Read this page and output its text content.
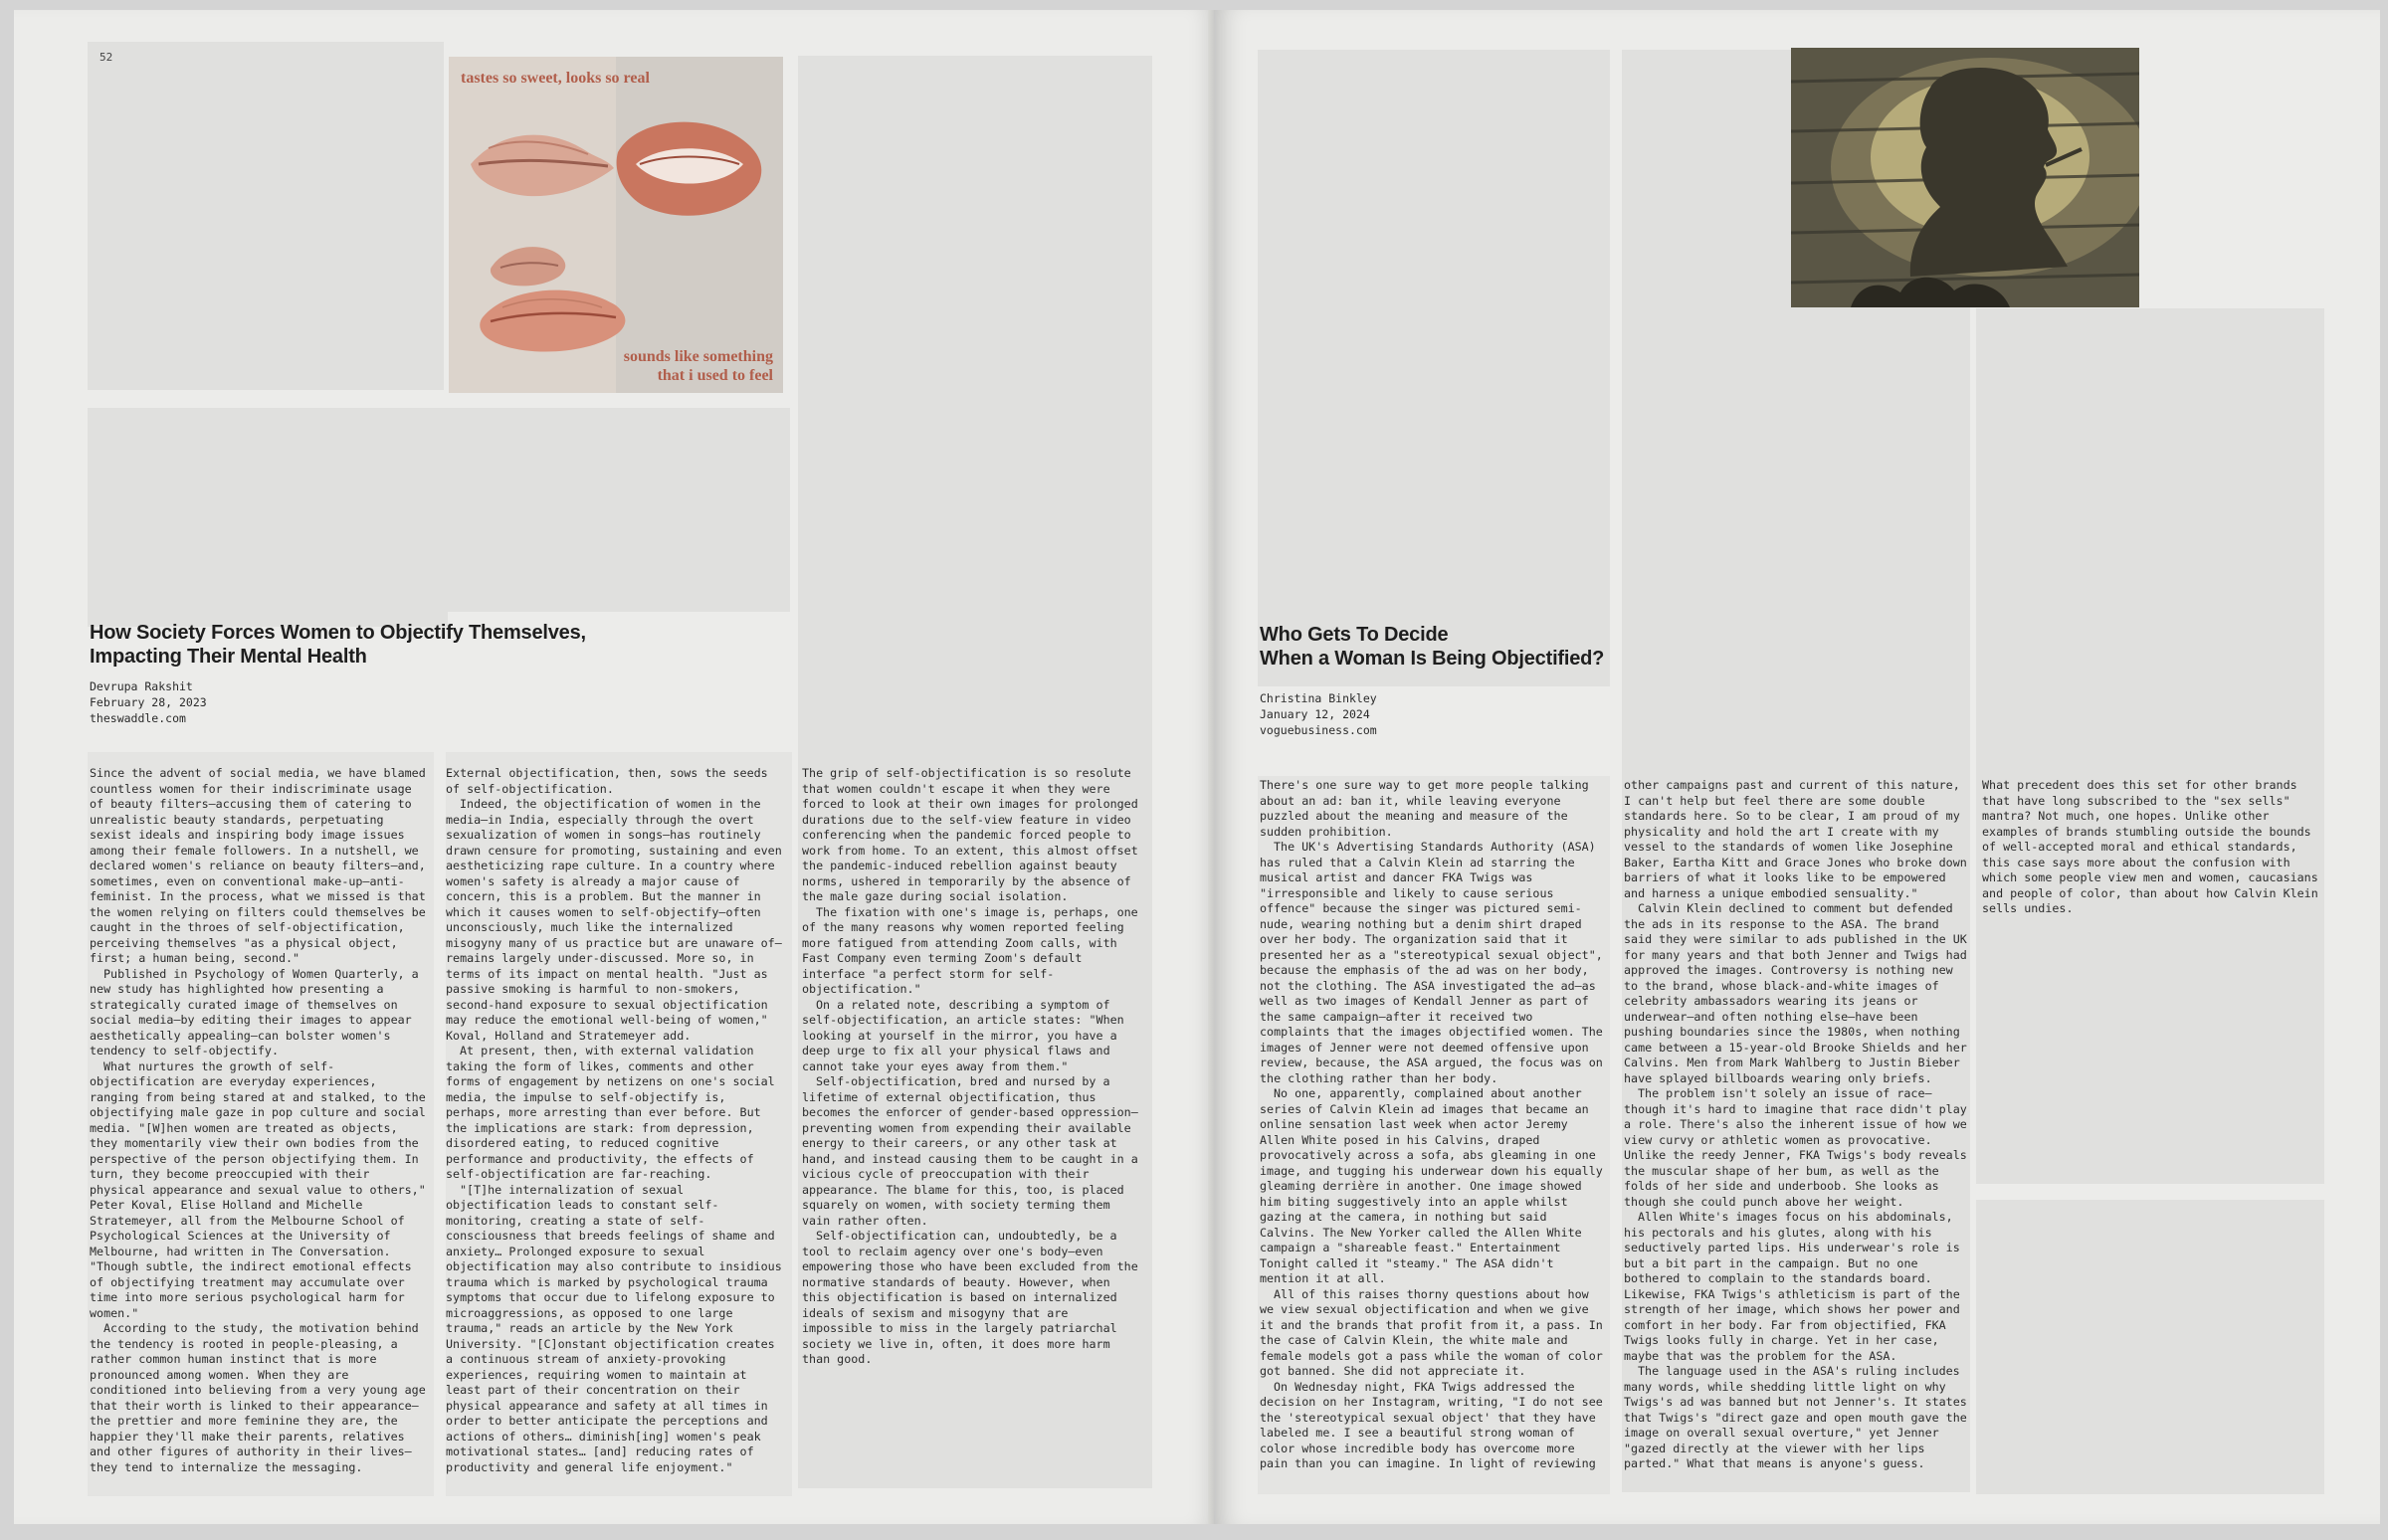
52
tastes so sweet, looks so real
sounds like something
that i used to feel
How Society Forces Women to Objectify Themselves,
Impacting Their Mental Health
Devrupa Rakshit
February 28, 2023
theswaddle.com

Since the advent of social media, we have blamed countless women for their indiscriminate usage of beauty filters—accusing them of catering to unrealistic beauty standards, perpetuating sexist ideals and inspiring body image issues among their female followers. In a nutshell, we declared women's reliance on beauty filters—and, sometimes, even on conventional make-up—anti-feminist. In the process, what we missed is that the women relying on filters could themselves be caught in the throes of self-objectification, perceiving themselves "as a physical object, first; a human being, second."

Published in Psychology of Women Quarterly, a new study has highlighted how presenting a strategically curated image of themselves on social media—by editing their images to appear aesthetically appealing—can bolster women's tendency to self-objectify.

What nurtures the growth of self-objectification are everyday experiences, ranging from being stared at and stalked, to the objectifying male gaze in pop culture and social media. "[W]hen women are treated as objects, they momentarily view their own bodies from the perspective of the person objectifying them. In turn, they become preoccupied with their physical appearance and sexual value to others," Peter Koval, Elise Holland and Michelle Stratemeyer, all from the Melbourne School of Psychological Sciences at the University of Melbourne, had written in The Conversation. "Though subtle, the indirect emotional effects of objectifying treatment may accumulate over time into more serious psychological harm for women."

According to the study, the motivation behind the tendency is rooted in people-pleasing, a rather common human instinct that is more pronounced among women. When they are conditioned into believing from a very young age that their worth is linked to their appearance—the prettier and more feminine they are, the happier they'll make their parents, relatives and other figures of authority in their lives—they tend to internalize the messaging.

External objectification, then, sows the seeds of self-objectification.

Indeed, the objectification of women in the media—in India, especially through the overt sexualization of women in songs—has routinely drawn censure for promoting, sustaining and even aestheticizing rape culture. In a country where women's safety is already a major cause of concern, this is a problem. But the manner in which it causes women to self-objectify—often unconsciously, much like the internalized misogyny many of us practice but are unaware of—remains largely under-discussed. More so, in terms of its impact on mental health. "Just as passive smoking is harmful to non-smokers, second-hand exposure to sexual objectification may reduce the emotional well-being of women," Koval, Holland and Stratemeyer add.

At present, then, with external validation taking the form of likes, comments and other forms of engagement by netizens on one's social media, the impulse to self-objectify is, perhaps, more arresting than ever before. But the implications are stark: from depression, disordered eating, to reduced cognitive performance and productivity, the effects of self-objectification are far-reaching.

"[T]he internalization of sexual objectification leads to constant self-monitoring, creating a state of self-consciousness that breeds feelings of shame and anxiety… Prolonged exposure to sexual objectification may also contribute to insidious trauma which is marked by psychological trauma symptoms that occur due to lifelong exposure to microaggressions, as opposed to one large trauma," reads an article by the New York University. "[C]onstant objectification creates a continuous stream of anxiety-provoking experiences, requiring women to maintain at least part of their concentration on their physical appearance and safety at all times in order to better anticipate the perceptions and actions of others… diminish[ing] women's peak motivational states… [and] reducing rates of productivity and general life enjoyment."

The grip of self-objectification is so resolute that women couldn't escape it when they were forced to look at their own images for prolonged durations due to the self-view feature in video conferencing when the pandemic forced people to work from home. To an extent, this almost offset the pandemic-induced rebellion against beauty norms, ushered in temporarily by the absence of the male gaze during social isolation.

The fixation with one's image is, perhaps, one of the many reasons why women reported feeling more fatigued from attending Zoom calls, with Fast Company even terming Zoom's default interface "a perfect storm for self-objectification."

On a related note, describing a symptom of self-objectification, an article states: "When looking at yourself in the mirror, you have a deep urge to fix all your physical flaws and cannot take your eyes away from them."

Self-objectification, bred and nursed by a lifetime of external objectification, thus becomes the enforcer of gender-based oppression—preventing women from expending their available energy to their careers, or any other task at hand, and instead causing them to be caught in a vicious cycle of preoccupation with their appearance. The blame for this, too, is placed squarely on women, with society terming them vain rather often.

Self-objectification can, undoubtedly, be a tool to reclaim agency over one's body—even empowering those who have been excluded from the normative standards of beauty. However, when this objectification is based on internalized ideals of sexism and misogyny that are impossible to miss in the largely patriarchal society we live in, often, it does more harm than good.

Who Gets To Decide
When a Woman Is Being Objectified?
Christina Binkley
January 12, 2024
voguebusiness.com

There's one sure way to get more people talking about an ad: ban it, while leaving everyone puzzled about the meaning and measure of the sudden prohibition.

The UK's Advertising Standards Authority (ASA) has ruled that a Calvin Klein ad starring the musical artist and dancer FKA Twigs was "irresponsible and likely to cause serious offence" because the singer was pictured semi-nude, wearing nothing but a denim shirt draped over her body. The organization said that it presented her as a "stereotypical sexual object", because the emphasis of the ad was on her body, not the clothing. The ASA investigated the ad—as well as two images of Kendall Jenner as part of the same campaign—after it received two complaints that the images objectified women. The images of Jenner were not deemed offensive upon review, because, the ASA argued, the focus was on the clothing rather than her body.

No one, apparently, complained about another series of Calvin Klein ad images that became an online sensation last week when actor Jeremy Allen White posed in his Calvins, draped provocatively across a sofa, abs gleaming in one image, and tugging his underwear down his equally gleaming derrière in another. One image showed him biting suggestively into an apple whilst gazing at the camera, in nothing but said Calvins. The New Yorker called the Allen White campaign a "shareable feast." Entertainment Tonight called it "steamy." The ASA didn't mention it at all.

All of this raises thorny questions about how we view sexual objectification and when we give it and the brands that profit from it, a pass. In the case of Calvin Klein, the white male and female models got a pass while the woman of color got banned. She did not appreciate it.

On Wednesday night, FKA Twigs addressed the decision on her Instagram, writing, "I do not see the 'stereotypical sexual object' that they have labeled me. I see a beautiful strong woman of color whose incredible body has overcome more pain than you can imagine. In light of reviewing

other campaigns past and current of this nature, I can't help but feel there are some double standards here. So to be clear, I am proud of my physicality and hold the art I create with my vessel to the standards of women like Josephine Baker, Eartha Kitt and Grace Jones who broke down barriers of what it looks like to be empowered and harness a unique embodied sensuality."

Calvin Klein declined to comment but defended the ads in its response to the ASA. The brand said they were similar to ads published in the UK for many years and that both Jenner and Twigs had approved the images. Controversy is nothing new to the brand, whose black-and-white images of celebrity ambassadors wearing its jeans or underwear—and often nothing else—have been pushing boundaries since the 1980s, when nothing came between a 15-year-old Brooke Shields and her Calvins. Men from Mark Wahlberg to Justin Bieber have splayed billboards wearing only briefs.

The problem isn't solely an issue of race—though it's hard to imagine that race didn't play a role. There's also the inherent issue of how we view curvy or athletic women as provocative. Unlike the reedy Jenner, FKA Twigs's body reveals the muscular shape of her bum, as well as the folds of her side and underboob. She looks as though she could punch above her weight.

Allen White's images focus on his abdominals, his pectorals and his glutes, along with his seductively parted lips. His underwear's role is but a bit part in the campaign. But no one bothered to complain to the standards board. Likewise, FKA Twigs's athleticism is part of the strength of her image, which shows her power and comfort in her body. Far from objectified, FKA Twigs looks fully in charge. Yet in her case, maybe that was the problem for the ASA.

The language used in the ASA's ruling includes many words, while shedding little light on why Twigs's ad was banned but not Jenner's. It states that Twigs's "direct gaze and open mouth gave the image on overall sexual overture," yet Jenner "gazed directly at the viewer with her lips parted." What that means is anyone's guess.

What precedent does this set for other brands that have long subscribed to the "sex sells" mantra? Not much, one hopes. Unlike other examples of brands stumbling outside the bounds of well-accepted moral and ethical standards, this case says more about the confusion with which some people view men and women, caucasians and people of color, than about how Calvin Klein sells undies.
